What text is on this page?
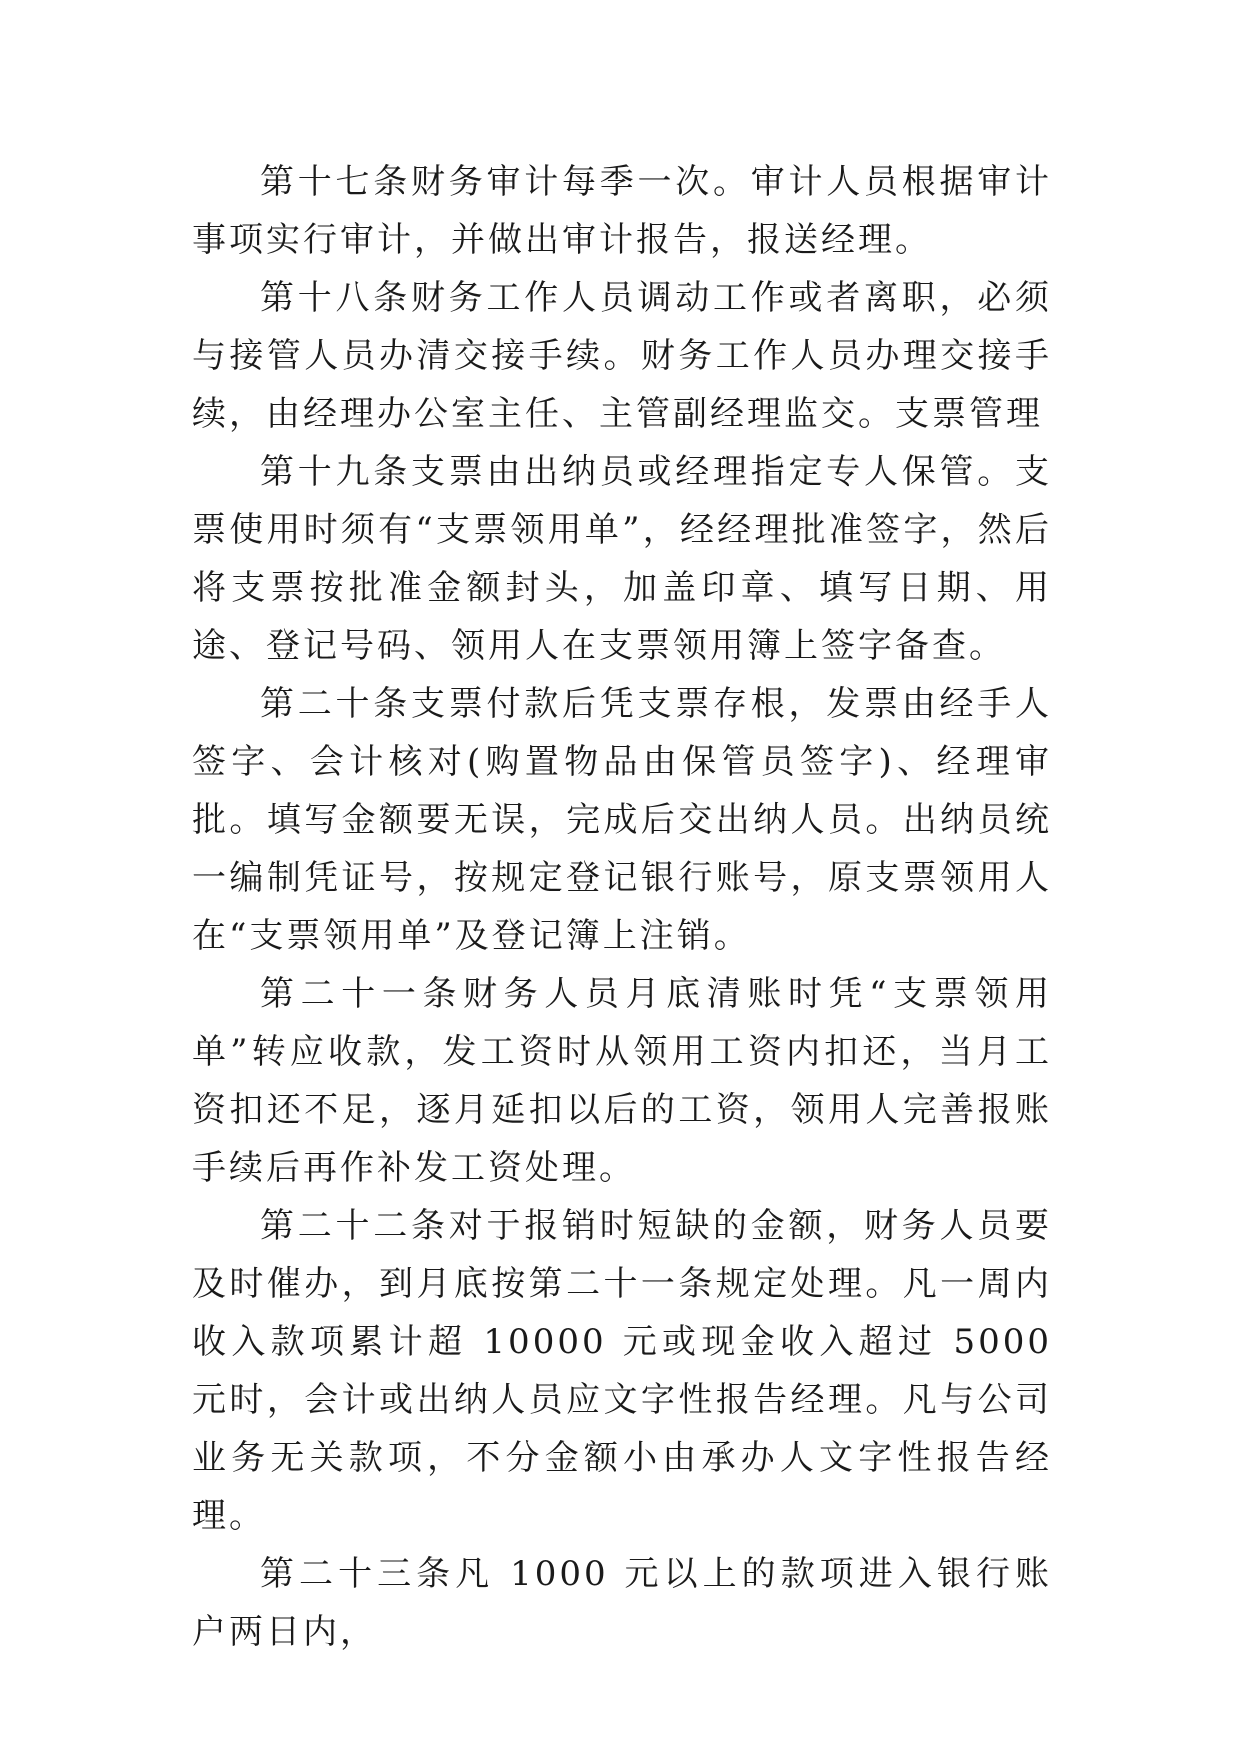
第十七条财务审计每季一次。审计人员根据审计事项实行审计，并做出审计报告，报送经理。

第十八条财务工作人员调动工作或者离职，必须与接管人员办清交接手续。财务工作人员办理交接手续，由经理办公室主任、主管副经理监交。支票管理

第十九条支票由出纳员或经理指定专人保管。支票使用时须有“支票领用单”，经经理批准签字，然后将支票按批准金额封头，加盖印章、填写日期、用途、登记号码、领用人在支票领用簿上签字备查。

第二十条支票付款后凭支票存根，发票由经手人签字、会计核对(购置物品由保管员签字)、经理审批。填写金额要无误，完成后交出纳人员。出纳员统一编制凭证号，按规定登记银行账号，原支票领用人在“支票领用单”及登记簿上注销。

第二十一条财务人员月底清账时凭“支票领用单”转应收款，发工资时从领用工资内扣还，当月工资扣还不足，逐月延扣以后的工资，领用人完善报账手续后再作补发工资处理。

第二十二条对于报销时短缺的金额，财务人员要及时催办，到月底按第二十一条规定处理。凡一周内收入款项累计超 10000 元或现金收入超过 5000 元时，会计或出纳人员应文字性报告经理。凡与公司业务无关款项，不分金额小由承办人文字性报告经理。

第二十三条凡 1000 元以上的款项进入银行账户两日内，
